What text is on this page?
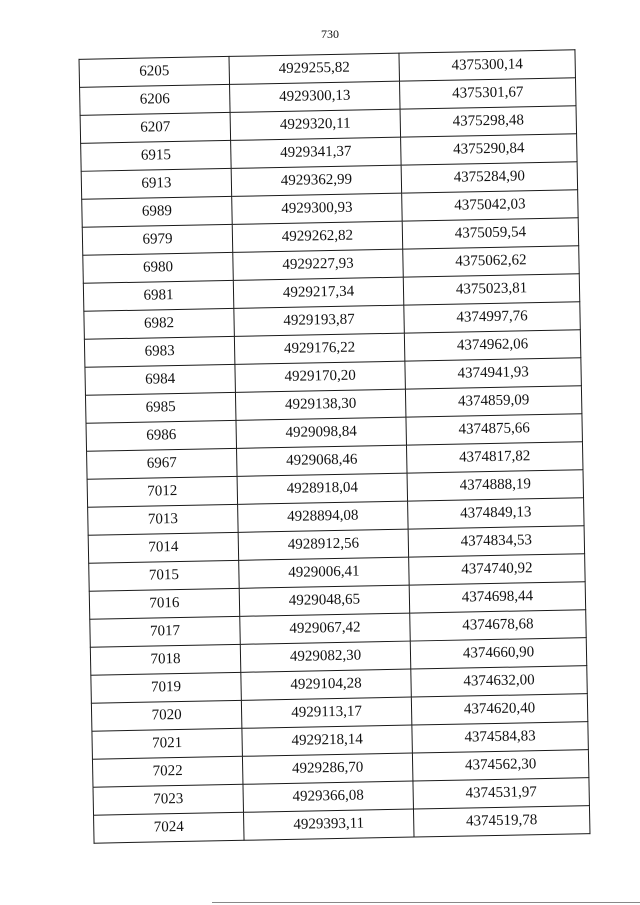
730
6205	4929255,82	4375300,14
6206	4929300,13	4375301,67
6207	4929320,11	4375298,48
6915	4929341,37	4375290,84
6913	4929362,99	4375284,90
6989	4929300,93	4375042,03
6979	4929262,82	4375059,54
6980	4929227,93	4375062,62
6981	4929217,34	4375023,81
6982	4929193,87	4374997,76
6983	4929176,22	4374962,06
6984	4929170,20	4374941,93
6985	4929138,30	4374859,09
6986	4929098,84	4374875,66
6967	4929068,46	4374817,82
7012	4928918,04	4374888,19
7013	4928894,08	4374849,13
7014	4928912,56	4374834,53
7015	4929006,41	4374740,92
7016	4929048,65	4374698,44
7017	4929067,42	4374678,68
7018	4929082,30	4374660,90
7019	4929104,28	4374632,00
7020	4929113,17	4374620,40
7021	4929218,14	4374584,83
7022	4929286,70	4374562,30
7023	4929366,08	4374531,97
7024	4929393,11	4374519,78
